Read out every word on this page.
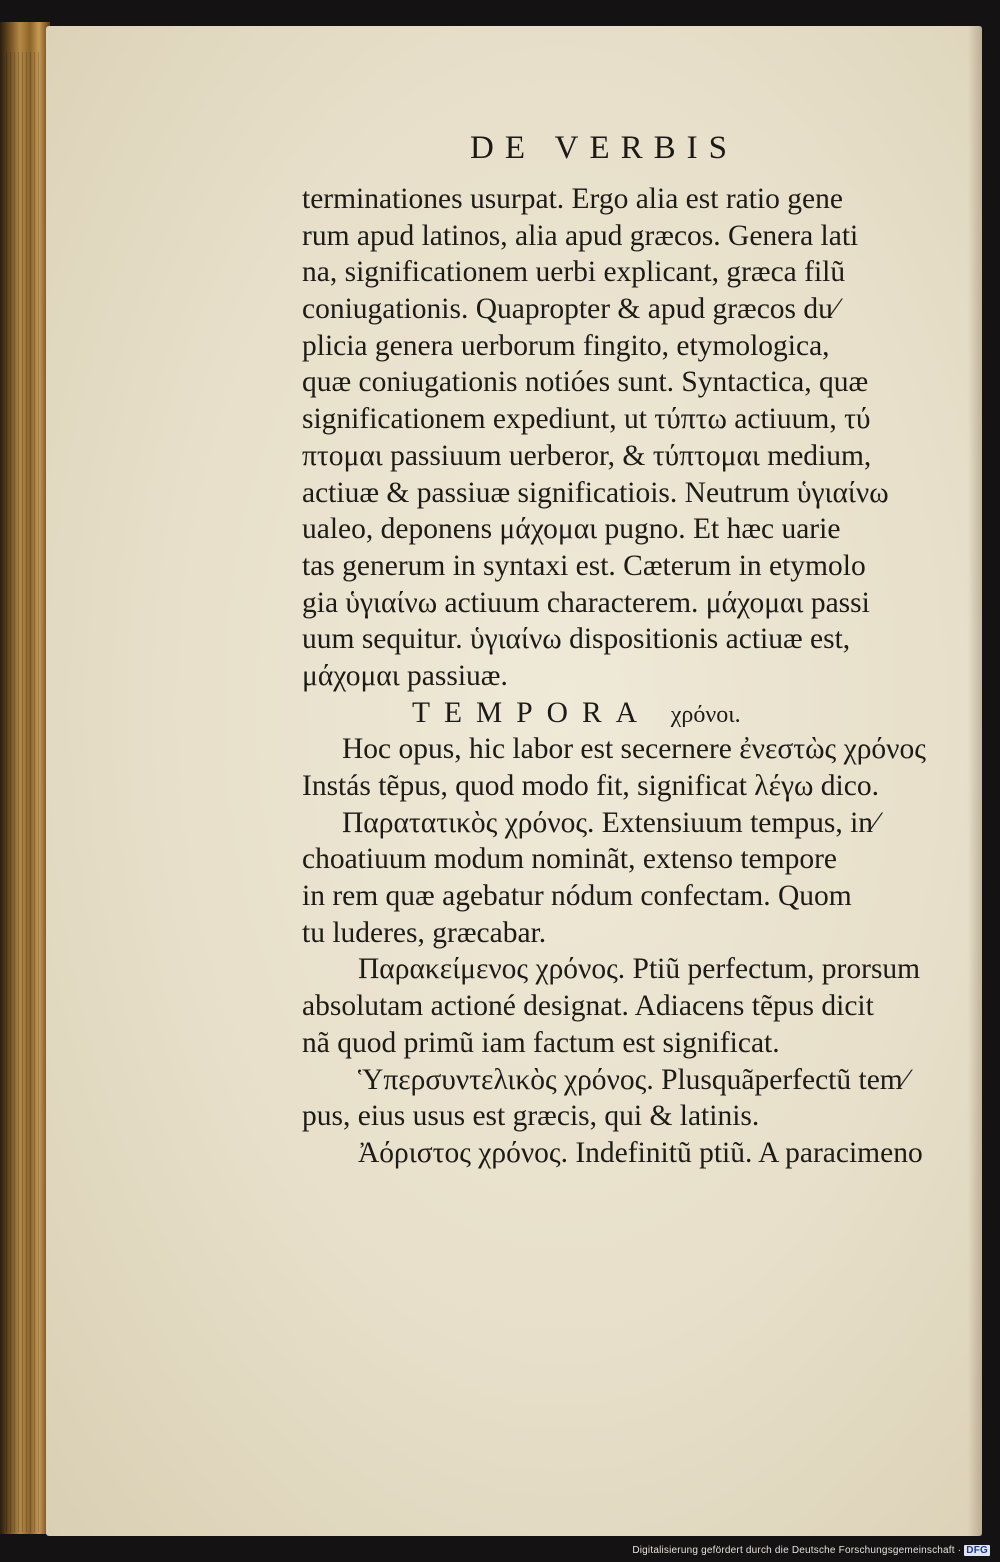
DE VERBIS
terminationes usurpat. Ergo alia est ratio gene
rum apud latinos, alia apud græcos. Genera lati
na, significationem uerbi explicant, græca filũ
coniugationis. Quapropter & apud græcos du⁄
plicia genera uerborum fingito, etymologica,
quæ coniugationis notióes sunt. Syntactica, quæ
significationem expediunt, ut τύπτω actiuum, τύ
πτομαι passiuum uerberor, & τύπτομαι medium,
actiuæ & passiuæ significatiois. Neutrum ὑγιαίνω
ualeo, deponens μάχομαι pugno. Et hæc uarie
tas generum in syntaxi est. Cæterum in etymolo
gia ὑγιαίνω actiuum characterem. μάχομαι passi
uum sequitur. ὑγιαίνω dispositionis actiuæ est,
μάχομαι passiuæ.
TEMPORA χρόνοι.
Hoc opus, hic labor est secernere ἐνεστὼς χρόνος
Instás tẽpus, quod modo fit, significat λέγω dico.
Παρατατικὸς χρόνος. Extensiuum tempus, in⁄
choatiuum modum nominãt, extenso tempore
in rem quæ agebatur nódum confectam. Quom
tu luderes, græcabar.
Παρακείμενος χρόνος. Ptiũ perfectum, prorsum
absolutam actioné designat. Adiacens tẽpus dicit
nã quod primũ iam factum est significat.
Ὑπερσυντελικὸς χρόνος. Plusquãperfectũ tem⁄
pus, eius usus est græcis, qui & latinis.
Ἀόριστος χρόνος. Indefinitũ ptiũ. A paracimeno
Digitalisierung gefördert durch die Deutsche Forschungsgemeinschaft · DFG
